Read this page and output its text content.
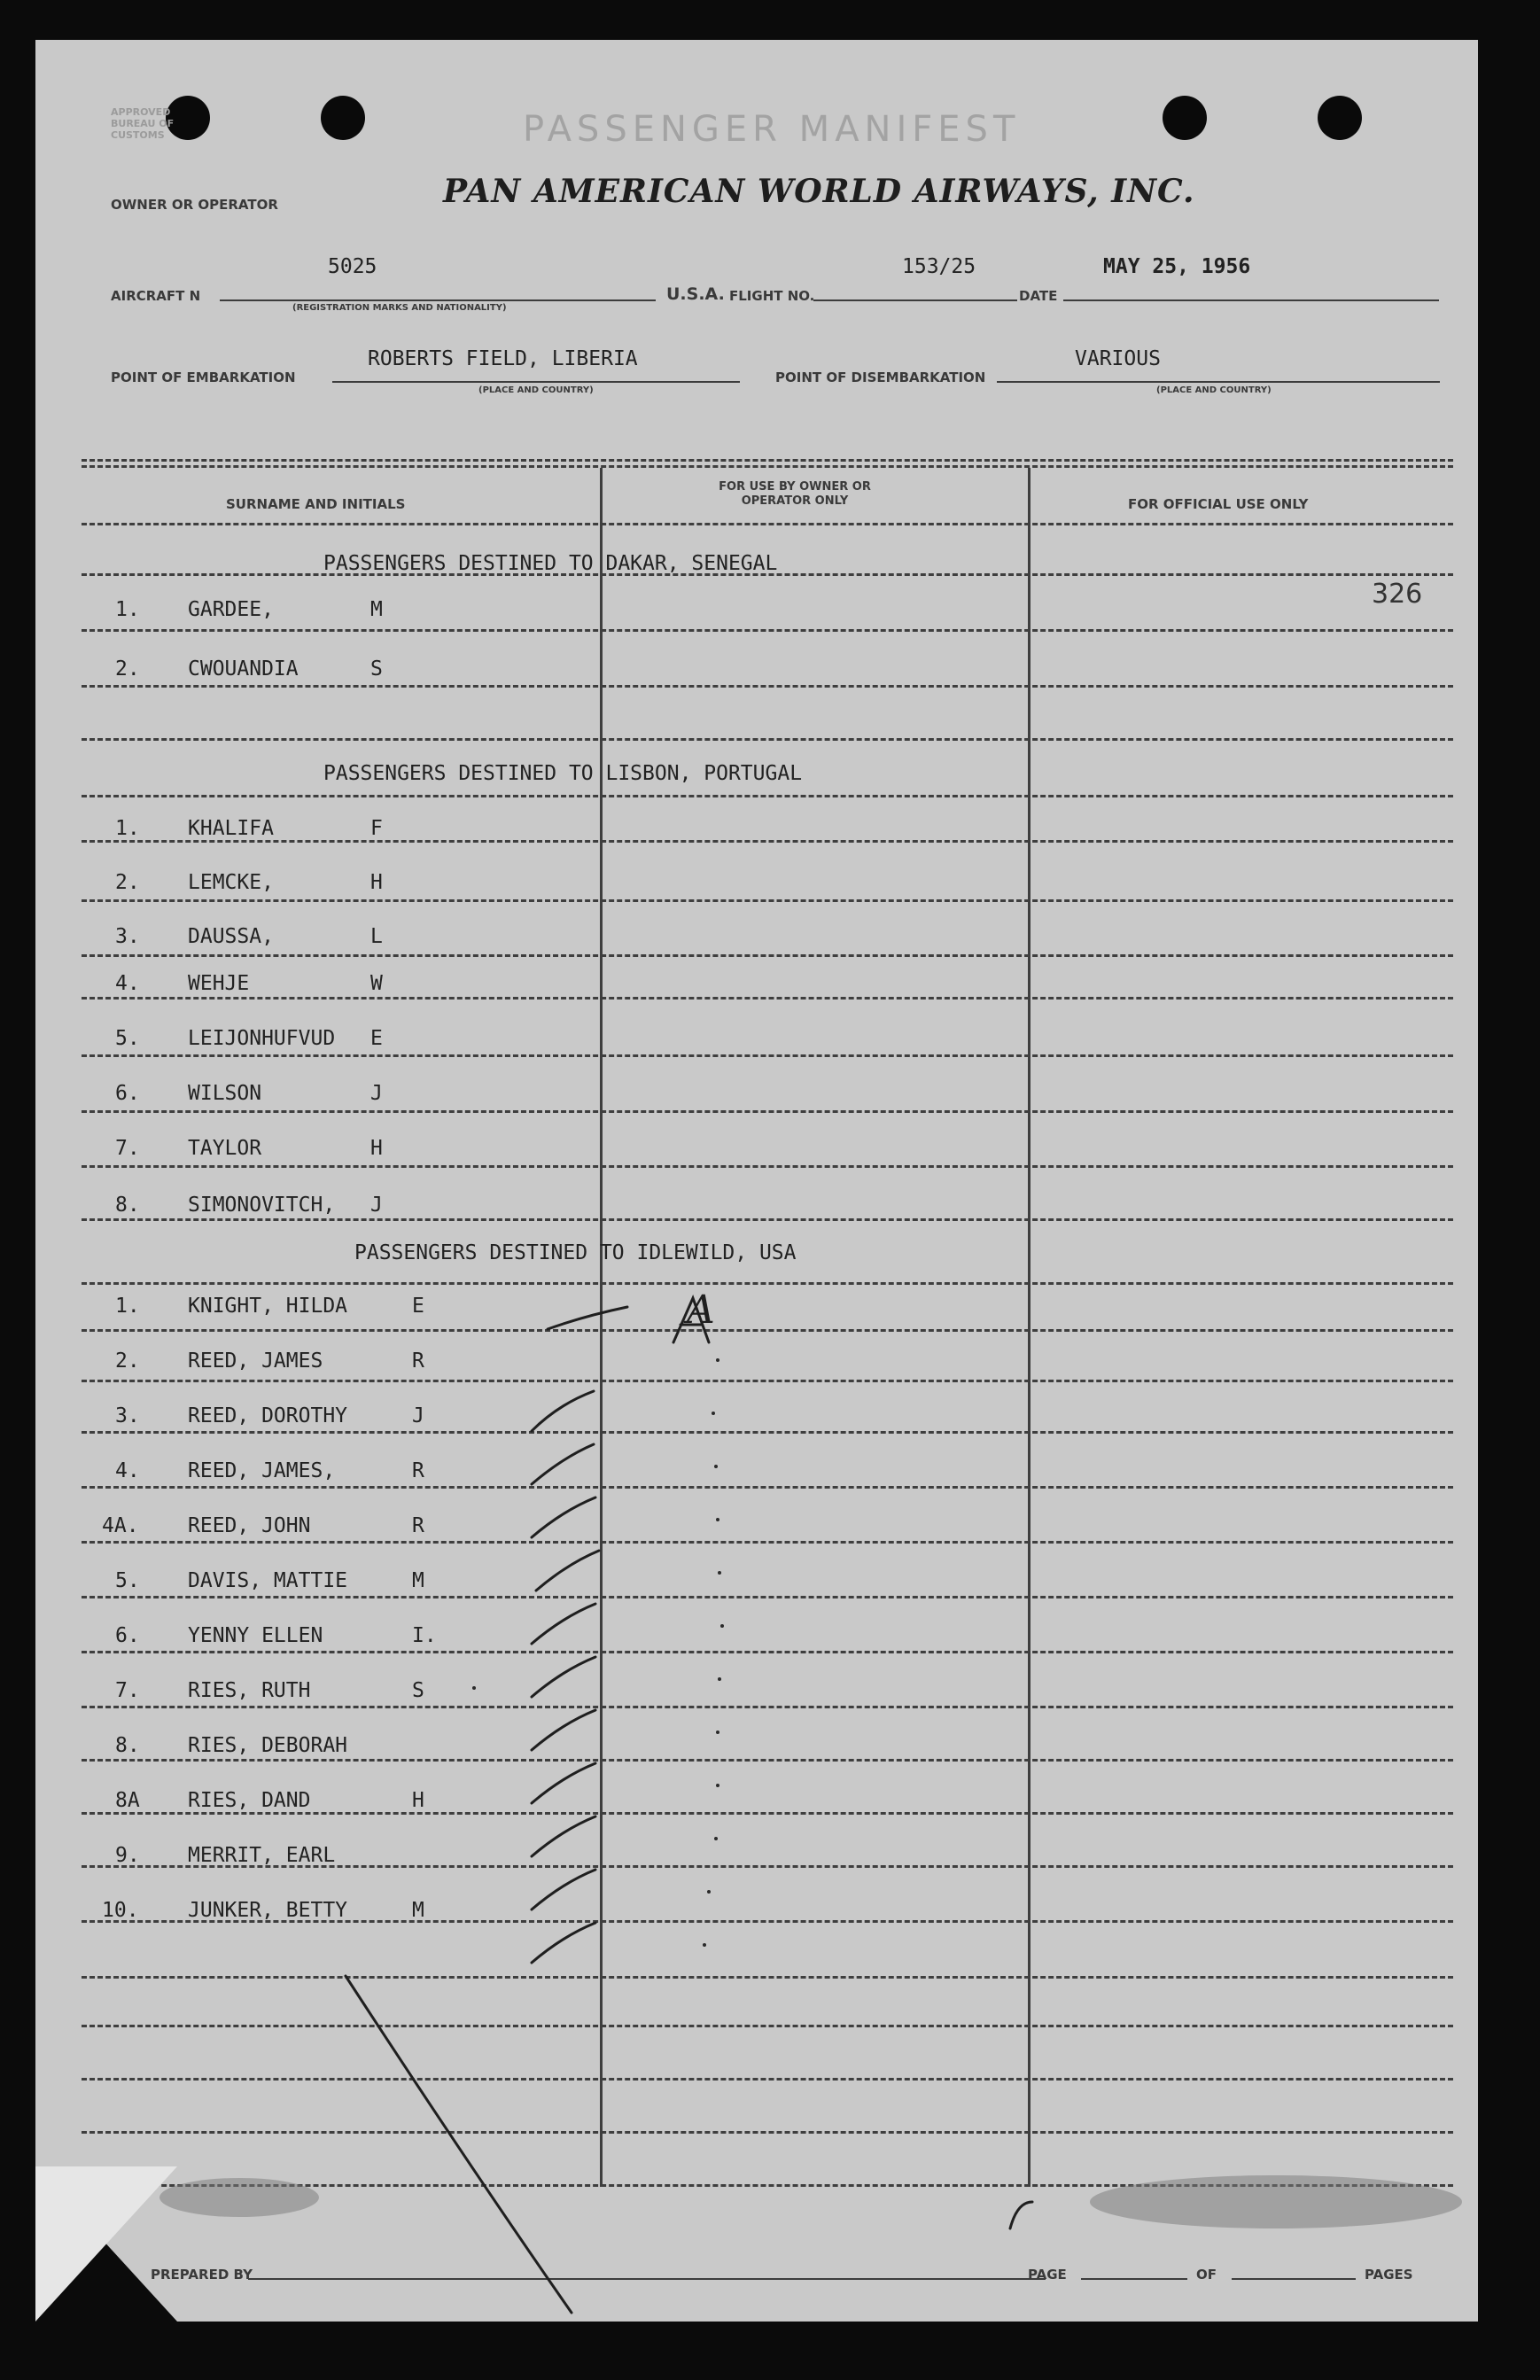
APPROVED BUREAU OF CUSTOMS	PASSENGER MANIFEST
OWNER OR OPERATOR	PAN AMERICAN WORLD AIRWAYS, INC.
AIRCRAFT N
5025
(REGISTRATION MARKS AND NATIONALITY)
U.S.A. FLIGHT NO.
153/25
DATE
MAY 25, 1956
POINT OF EMBARKATION
ROBERTS FIELD, LIBERIA
(PLACE AND COUNTRY)
POINT OF DISEMBARKATION
VARIOUS
(PLACE AND COUNTRY)
SURNAME AND INITIALS
FOR USE BY OWNER OR OPERATOR ONLY	FOR OFFICIAL USE ONLY
PASSENGERS DESTINED TO DAKAR, SENEGAL
1. GARDEE,	M
2. CWOUANDIA	S
PASSENGERS DESTINED TO LISBON, PORTUGAL
1. KHALIFA	F
2. LEMCKE,	H
3. DAUSSA,	L
4. WEHJE	W
5. LEIJONHUFVUD E
6. WILSON	J
7. TAYLOR	H
8. SIMONOVITCH, J
PASSENGERS DESTINED TO IDLEWILD, USA
1. KNIGHT, HILDA	E
2. REED, JAMES	R
3. REED, DOROTHY	J
4. REED, JAMES,	R
4A. REED, JOHN	R
5. DAVIS, MATTIE	M
6. YENNY ELLEN	I.
7. RIES, RUTH	S
8. RIES, DEBORAH
8A RIES, DAND	H
9. MERRIT, EARL
10. JUNKER, BETTY	M
326
PREPARED BY	PAGE	OF	PAGES
A
